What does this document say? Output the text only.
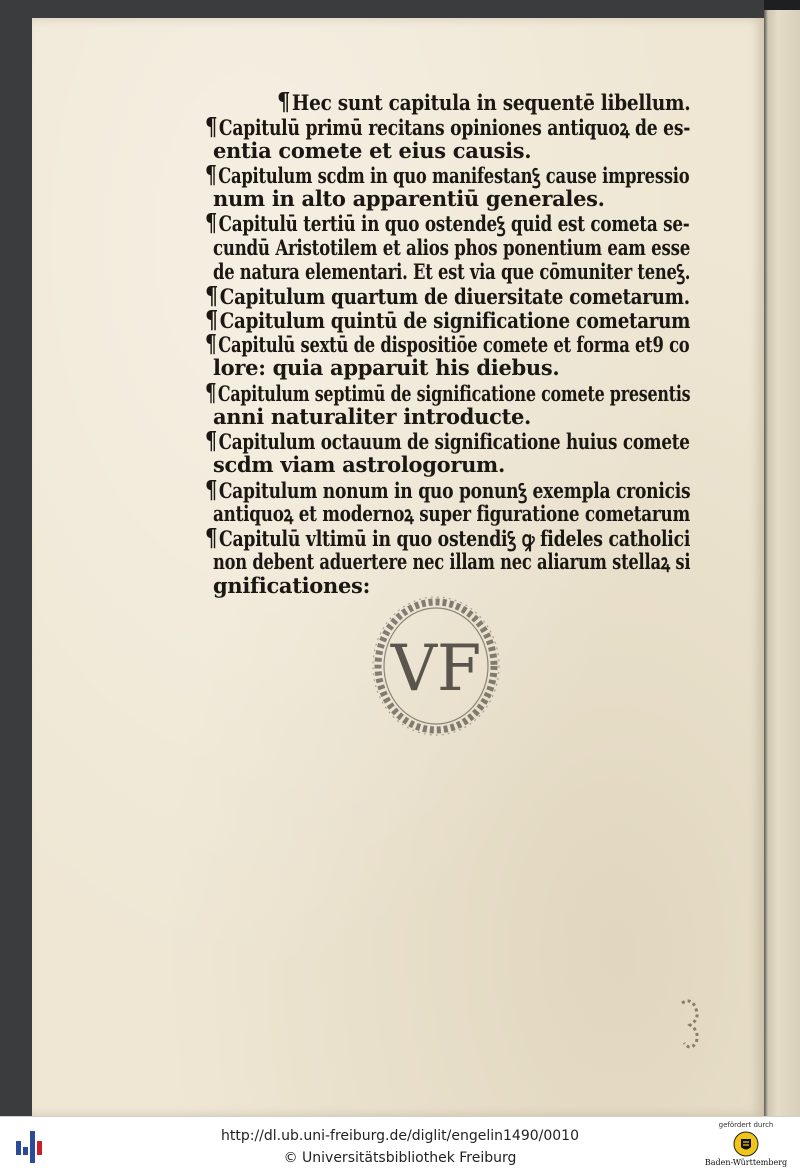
¶Hec sunt capitula in sequentē libellum.
¶Capitulū primū recitans opiniones antiquoꝝ de es-
entia comete et eius causis.
¶Capitulum scdm in quo manifestanꝣ cause impressio
num in alto apparentiū generales.
¶Capitulū tertiū in quo ostendeꝣ quid est cometa se-
cundū Aristotilem et alios phos ponentium eam esse
de natura elementari. Et est via que cōmuniter teneꝣ.
¶Capitulum quartum de diuersitate cometarum.
¶Capitulum quintū de significatione cometarum
¶Capitulū sextū de dispositiōe comete et forma et9 co
lore: quia apparuit his diebus.
¶Capitulum septimū de significatione comete presentis
anni naturaliter introducte.
¶Capitulum octauum de significatione huius comete
scdm viam astrologorum.
¶Capitulum nonum in quo ponunꝣ exempla cronicis
antiquoꝝ et modernoꝝ super figuratione cometarum
¶Capitulū vltimū in quo ostendiꝣ ꝙ fideles catholici
non debent aduertere nec illam nec aliarum stellaꝝ si
gnificationes:
VF
http://dl.ub.uni-freiburg.de/diglit/engelin1490/0010
© Universitätsbibliothek Freiburg
gefördert durch
Baden-Württemberg
